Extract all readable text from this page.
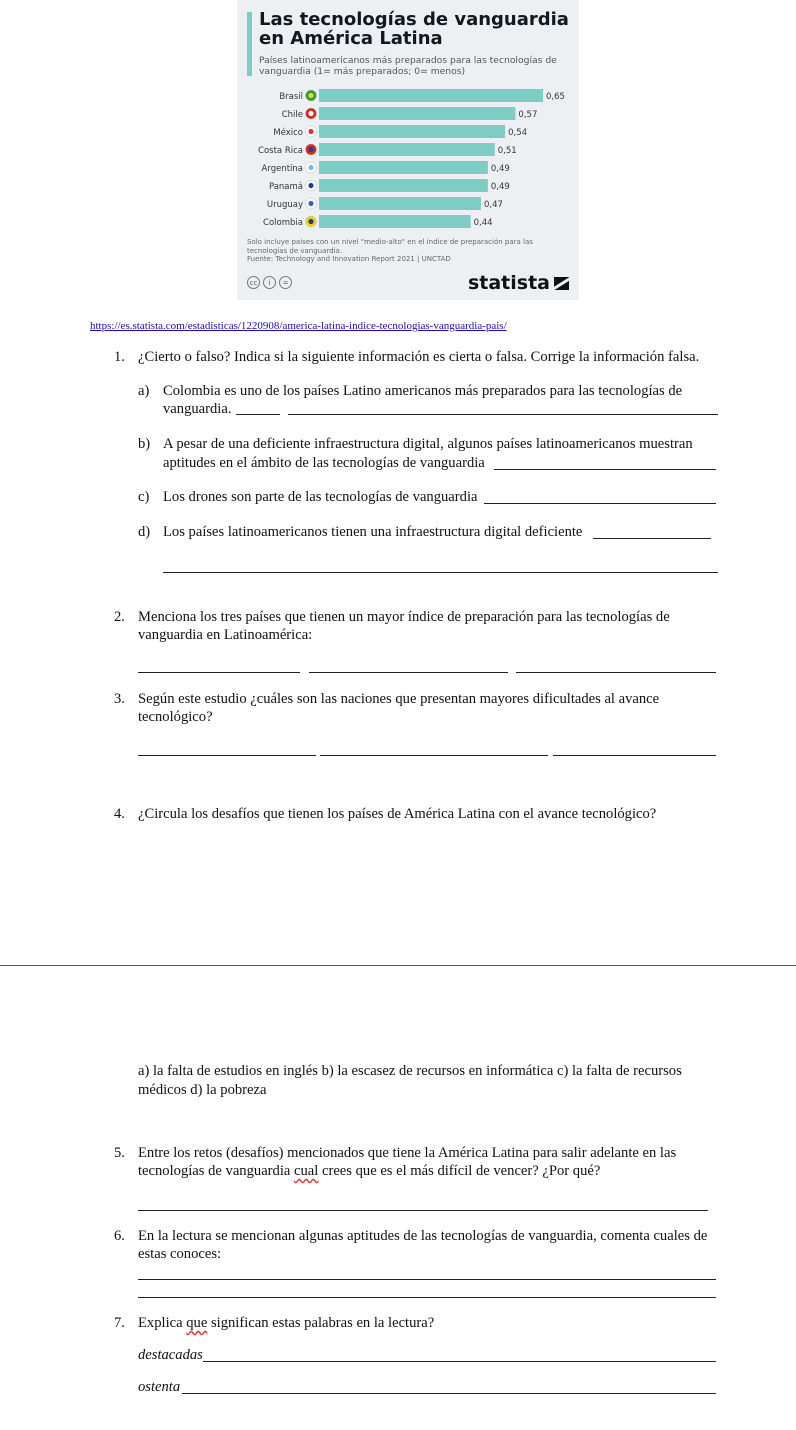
Las tecnologías de vanguardia en América Latina
Países latinoamericanos más preparados para las tecnologías de vanguardia (1= más preparados; 0= menos)
Brasil	0,65
Chile	0,57
México	0,54
Costa Rica	0,51
Argentina	0,49
Panamá	0,49
Uruguay	0,47
Colombia	0,44
Solo incluye países con un nivel "medio-alto" en el índice de preparación para las tecnologías de vanguardia.
Fuente: Technology and Innovation Report 2021 | UNCTAD
cc	i	=	statista
https://es.statista.com/estadisticas/1220908/america-latina-indice-tecnologias-vanguardia-pais/
1. ¿Cierto o falso? Indica si la siguiente información es cierta o falsa. Corrige la información falsa.
a) Colombia es uno de los países Latino americanos más preparados para las tecnologías de
vanguardia.
b) A pesar de una deficiente infraestructura digital, algunos países latinoamericanos muestran
aptitudes en el ámbito de las tecnologías de vanguardia
c) Los drones son parte de las tecnologías de vanguardia
d) Los países latinoamericanos tienen una infraestructura digital deficiente
2. Menciona los tres países que tienen un mayor índice de preparación para las tecnologías de
vanguardia en Latinoamérica:
3. Según este estudio ¿cuáles son las naciones que presentan mayores dificultades al avance
tecnológico?
4. ¿Circula los desafíos que tienen los países de América Latina con el avance tecnológico?
a) la falta de estudios en inglés b) la escasez de recursos en informática c) la falta de recursos
médicos d) la pobreza
5. Entre los retos (desafíos) mencionados que tiene la América Latina para salir adelante en las
tecnologías de vanguardia cual crees que es el más difícil de vencer? ¿Por qué?
6. En la lectura se mencionan algunas aptitudes de las tecnologías de vanguardia, comenta cuales de
estas conoces:
7. Explica que significan estas palabras en la lectura?
destacadas
ostenta
